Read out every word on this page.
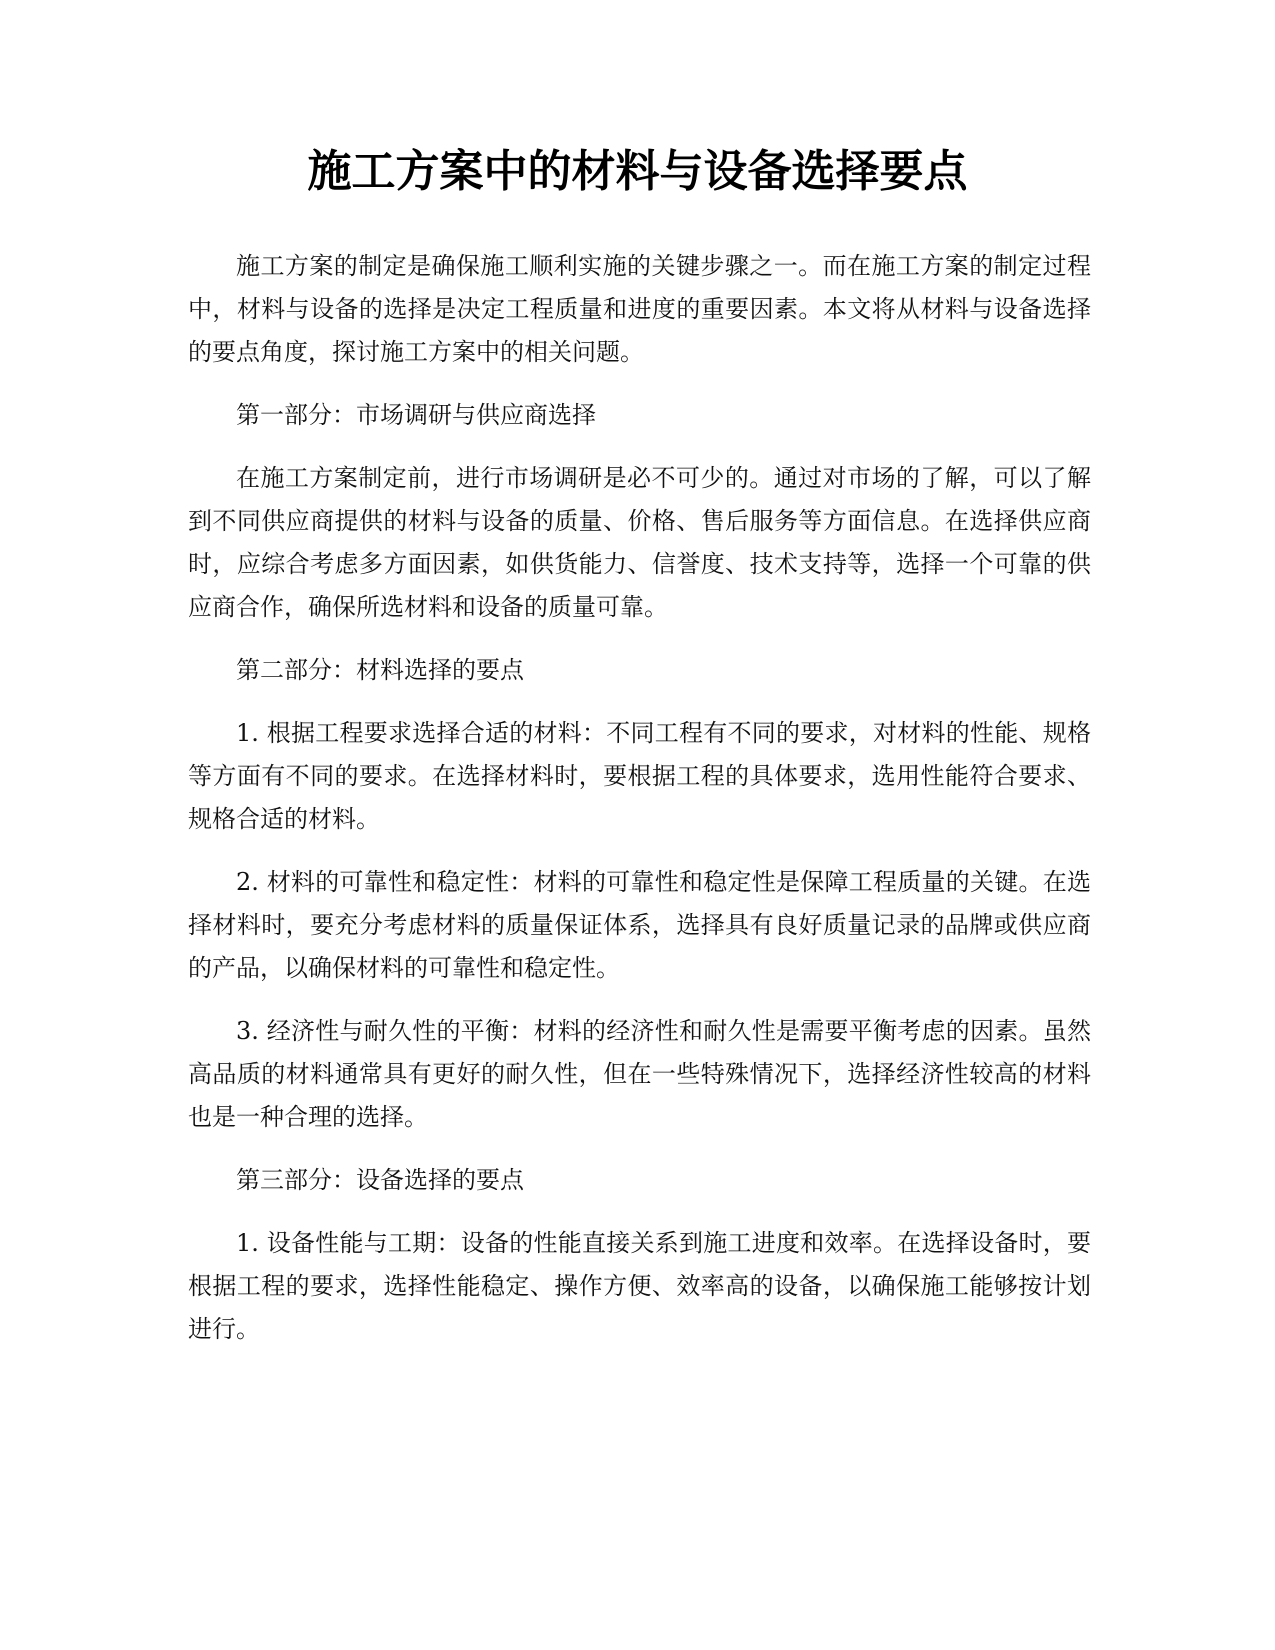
施工方案中的材料与设备选择要点

施工方案的制定是确保施工顺利实施的关键步骤之一。而在施工方案的制定过程中，材料与设备的选择是决定工程质量和进度的重要因素。本文将从材料与设备选择的要点角度，探讨施工方案中的相关问题。

第一部分：市场调研与供应商选择

在施工方案制定前，进行市场调研是必不可少的。通过对市场的了解，可以了解到不同供应商提供的材料与设备的质量、价格、售后服务等方面信息。在选择供应商时，应综合考虑多方面因素，如供货能力、信誉度、技术支持等，选择一个可靠的供应商合作，确保所选材料和设备的质量可靠。

第二部分：材料选择的要点

1. 根据工程要求选择合适的材料：不同工程有不同的要求，对材料的性能、规格等方面有不同的要求。在选择材料时，要根据工程的具体要求，选用性能符合要求、规格合适的材料。

2. 材料的可靠性和稳定性：材料的可靠性和稳定性是保障工程质量的关键。在选择材料时，要充分考虑材料的质量保证体系，选择具有良好质量记录的品牌或供应商的产品，以确保材料的可靠性和稳定性。

3. 经济性与耐久性的平衡：材料的经济性和耐久性是需要平衡考虑的因素。虽然高品质的材料通常具有更好的耐久性，但在一些特殊情况下，选择经济性较高的材料也是一种合理的选择。

第三部分：设备选择的要点

1. 设备性能与工期：设备的性能直接关系到施工进度和效率。在选择设备时，要根据工程的要求，选择性能稳定、操作方便、效率高的设备，以确保施工能够按计划进行。
